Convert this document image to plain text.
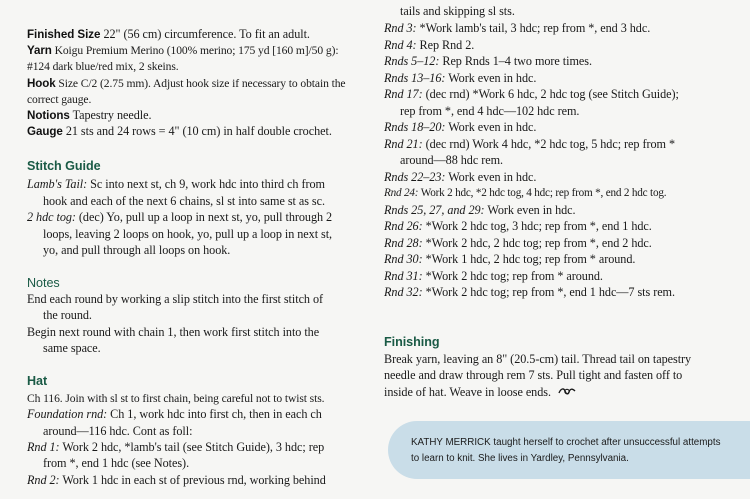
Finished Size 22" (56 cm) circumference. To fit an adult.
Yarn Koigu Premium Merino (100% merino; 175 yd [160 m]/50 g):
#124 dark blue/red mix, 2 skeins.
Hook Size C/2 (2.75 mm). Adjust hook size if necessary to obtain the
correct gauge.
Notions Tapestry needle.
Gauge 21 sts and 24 rows = 4" (10 cm) in half double crochet.
Stitch Guide
Lamb's Tail: Sc into next st, ch 9, work hdc into third ch from
hook and each of the next 6 chains, sl st into same st as sc.
2 hdc tog: (dec) Yo, pull up a loop in next st, yo, pull through 2
loops, leaving 2 loops on hook, yo, pull up a loop in next st,
yo, and pull through all loops on hook.
Notes
End each round by working a slip stitch into the first stitch of
the round.
Begin next round with chain 1, then work first stitch into the
same space.
Hat
Ch 116. Join with sl st to first chain, being careful not to twist sts.
Foundation rnd: Ch 1, work hdc into first ch, then in each ch
around—116 hdc. Cont as foll:
Rnd 1: Work 2 hdc, *lamb's tail (see Stitch Guide), 3 hdc; rep
from *, end 1 hdc (see Notes).
Rnd 2: Work 1 hdc in each st of previous rnd, working behind
tails and skipping sl sts.
Rnd 3: *Work lamb's tail, 3 hdc; rep from *, end 3 hdc.
Rnd 4: Rep Rnd 2.
Rnds 5–12: Rep Rnds 1–4 two more times.
Rnds 13–16: Work even in hdc.
Rnd 17: (dec rnd) *Work 6 hdc, 2 hdc tog (see Stitch Guide);
rep from *, end 4 hdc—102 hdc rem.
Rnds 18–20: Work even in hdc.
Rnd 21: (dec rnd) Work 4 hdc, *2 hdc tog, 5 hdc; rep from *
around—88 hdc rem.
Rnds 22–23: Work even in hdc.
Rnd 24: Work 2 hdc, *2 hdc tog, 4 hdc; rep from *, end 2 hdc tog.
Rnds 25, 27, and 29: Work even in hdc.
Rnd 26: *Work 2 hdc tog, 3 hdc; rep from *, end 1 hdc.
Rnd 28: *Work 2 hdc, 2 hdc tog; rep from *, end 2 hdc.
Rnd 30: *Work 1 hdc, 2 hdc tog; rep from * around.
Rnd 31: *Work 2 hdc tog; rep from * around.
Rnd 32: *Work 2 hdc tog; rep from *, end 1 hdc—7 sts rem.
Finishing
Break yarn, leaving an 8" (20.5-cm) tail. Thread tail on tapestry
needle and draw through rem 7 sts. Pull tight and fasten off to
inside of hat. Weave in loose ends.
KATHY MERRICK taught herself to crochet after unsuccessful attempts
to learn to knit. She lives in Yardley, Pennsylvania.
